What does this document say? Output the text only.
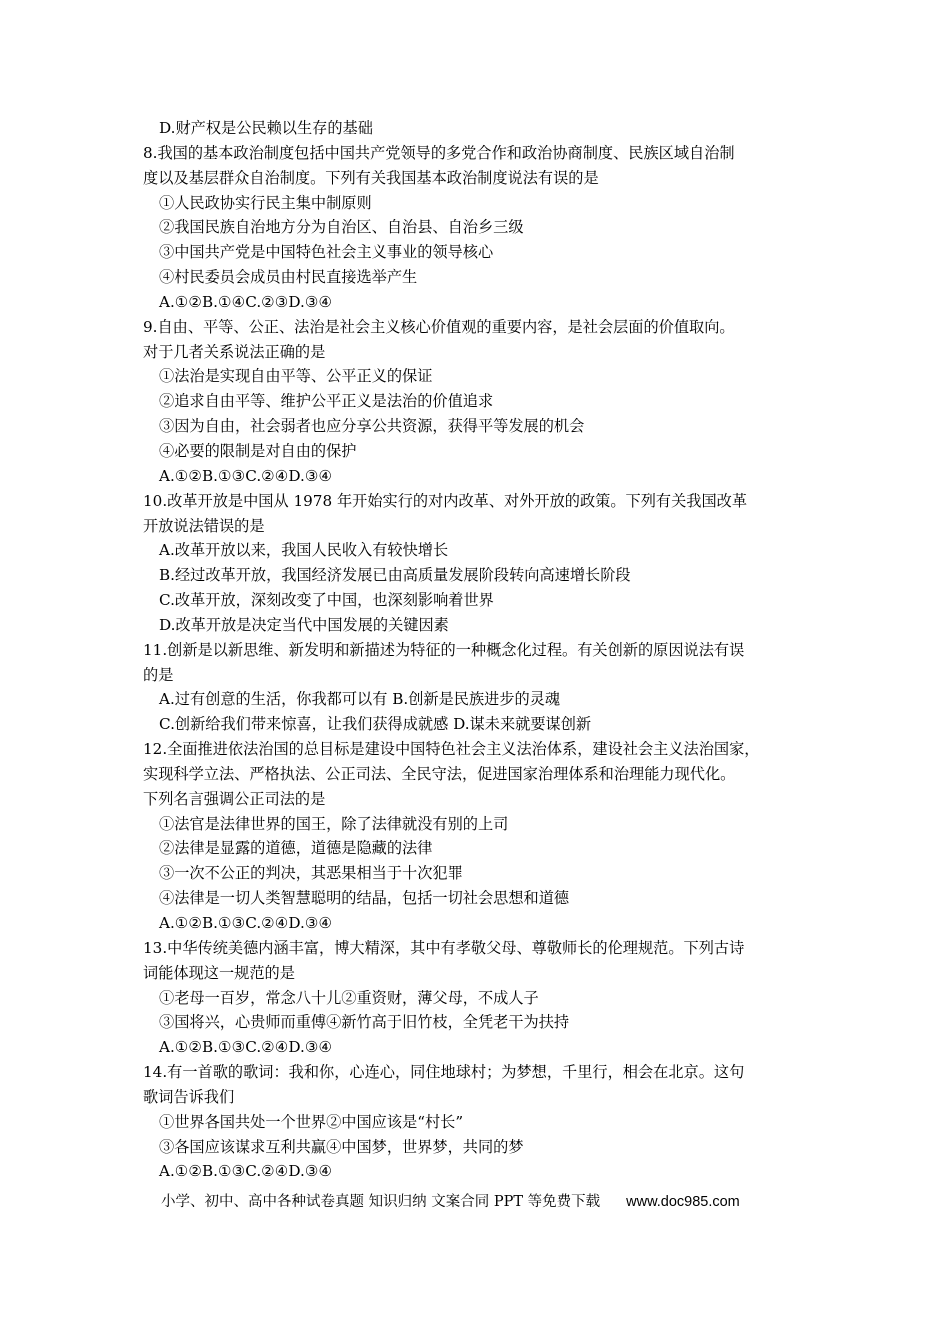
D.财产权是公民赖以生存的基础
8.我国的基本政治制度包括中国共产党领导的多党合作和政治协商制度、民族区域自治制
度以及基层群众自治制度。下列有关我国基本政治制度说法有误的是
①人民政协实行民主集中制原则
②我国民族自治地方分为自治区、自治县、自治乡三级
③中国共产党是中国特色社会主义事业的领导核心
④村民委员会成员由村民直接选举产生
A.①②B.①④C.②③D.③④
9.自由、平等、公正、法治是社会主义核心价值观的重要内容，是社会层面的价值取向。
对于几者关系说法正确的是
①法治是实现自由平等、公平正义的保证
②追求自由平等、维护公平正义是法治的价值追求
③因为自由，社会弱者也应分享公共资源，获得平等发展的机会
④必要的限制是对自由的保护
A.①②B.①③C.②④D.③④
10.改革开放是中国从 1978 年开始实行的对内改革、对外开放的政策。下列有关我国改革
开放说法错误的是
A.改革开放以来，我国人民收入有较快增长
B.经过改革开放，我国经济发展已由高质量发展阶段转向高速增长阶段
C.改革开放，深刻改变了中国，也深刻影响着世界
D.改革开放是决定当代中国发展的关键因素
11.创新是以新思维、新发明和新描述为特征的一种概念化过程。有关创新的原因说法有误
的是
A.过有创意的生活，你我都可以有 B.创新是民族进步的灵魂
C.创新给我们带来惊喜，让我们获得成就感 D.谋未来就要谋创新
12.全面推进依法治国的总目标是建设中国特色社会主义法治体系，建设社会主义法治国家，
实现科学立法、严格执法、公正司法、全民守法，促进国家治理体系和治理能力现代化。
下列名言强调公正司法的是
①法官是法律世界的国王，除了法律就没有别的上司
②法律是显露的道德，道德是隐藏的法律
③一次不公正的判决，其恶果相当于十次犯罪
④法律是一切人类智慧聪明的结晶，包括一切社会思想和道德
A.①②B.①③C.②④D.③④
13.中华传统美德内涵丰富，博大精深，其中有孝敬父母、尊敬师长的伦理规范。下列古诗
词能体现这一规范的是
①老母一百岁，常念八十儿②重资财，薄父母，不成人子
③国将兴，心贵师而重傅④新竹高于旧竹枝，全凭老干为扶持
A.①②B.①③C.②④D.③④
14.有一首歌的歌词：我和你，心连心，同住地球村；为梦想，千里行，相会在北京。这句
歌词告诉我们
①世界各国共处一个世界②中国应该是“村长”
③各国应该谋求互利共赢④中国梦，世界梦，共同的梦
A.①②B.①③C.②④D.③④
小学、初中、高中各种试卷真题 知识归纳 文案合同 PPT 等免费下载 www.doc985.com
